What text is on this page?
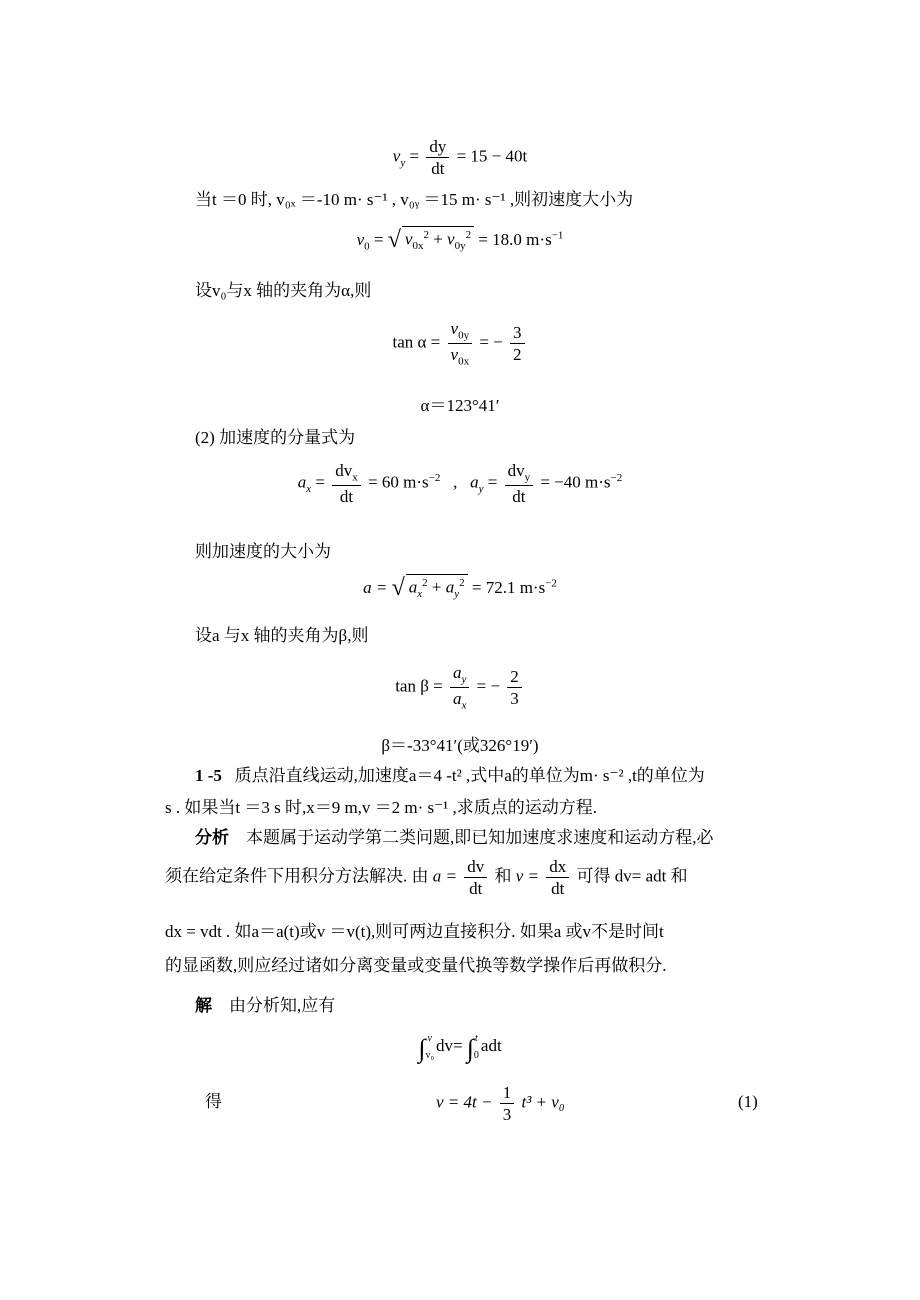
$v_y = \frac{dy}{dt} = 15 - 40t$
当t ＝0 时, v₀ₓ ＝-10 m· s⁻¹ , v₀ᵧ ＝15 m· s⁻¹ ,则初速度大小为
$v_0$ = √ $v_{0x}^2 + v_{0y}^2 = 18.0$ $m\cdot s^{-1}$
设v₀与x 轴的夹角为α,则
$\tan \alpha = \frac{v_{0y}}{v_{0x}}$ = − $\frac{3}{2}$
α＝123°41′
(2) 加速度的分量式为
$a_x = \frac{dv_x}{dt} = 60$ $m\cdot s^{-2}$ , $a_y = \frac{dv_y}{dt} = -40$ $m\cdot s^{-2}$
则加速度的大小为
a = √ $a_x^2 + a_y^2 = 72.1$ $m\cdot s^{-2}$
设a 与x 轴的夹角为β,则
$\tan \beta = \frac{a_y}{a_x}$ = − $\frac{2}{3}$
β＝-33°41′(或326°19′)
1 -5 质点沿直线运动,加速度a＝4 -t² ,式中a的单位为m· s⁻² ,t的单位为
s . 如果当t ＝3 s 时,x＝9 m,v ＝2 m· s⁻¹ ,求质点的运动方程.
分析 本题属于运动学第二类问题,即已知加速度求速度和运动方程,必
须在给定条件下用积分方法解决. 由 $a = \frac{dv}{dt}$ 和 $v = \frac{dx}{dt}$ 可得 dv= adt 和
dx = vdt . 如a＝a(t)或v ＝v(t),则可两边直接积分. 如果a 或v不是时间t
的显函数,则应经过诸如分离变量或变量代换等数学操作后再做积分.
解 由分析知,应有
∫ v
v₀
dv= ∫ t
0
adt
得	$v = 4t - \frac{1}{3} t^3 + v_0$	(1)
